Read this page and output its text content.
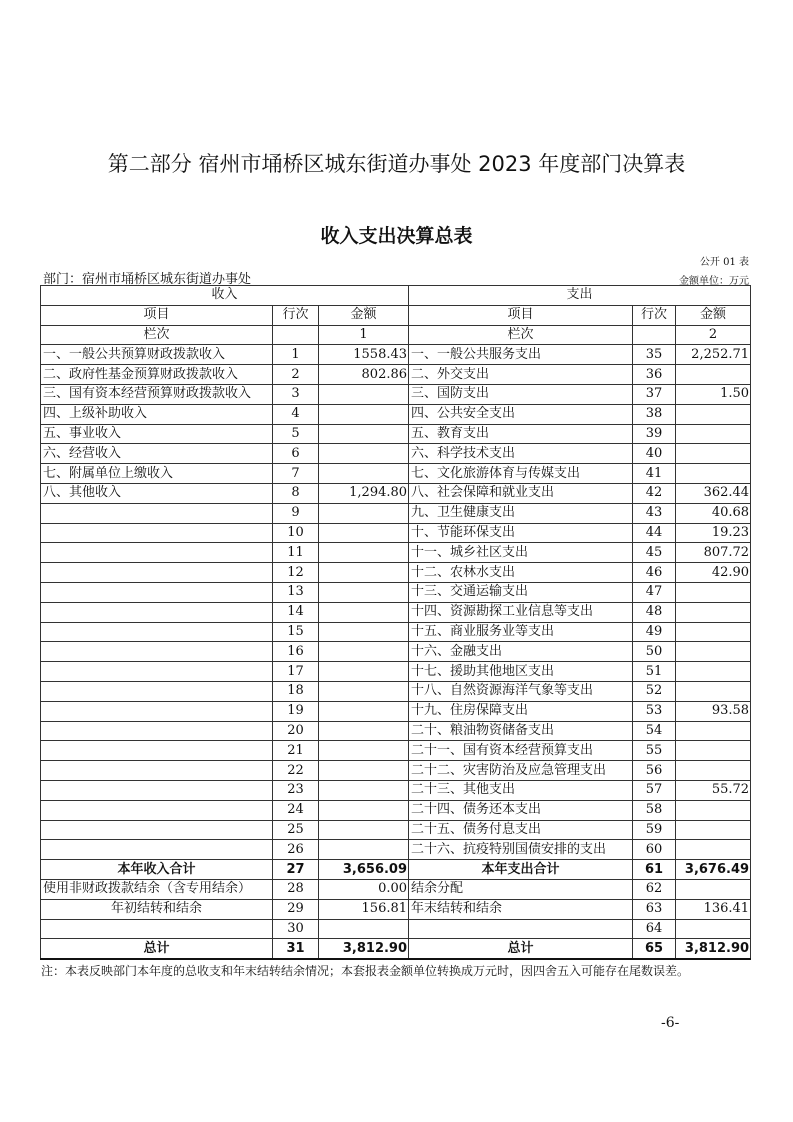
第二部分 宿州市埇桥区城东街道办事处 2023 年度部门决算表
收入支出决算总表
公开 01 表
部门：宿州市埇桥区城东街道办事处	金额单位：万元
收入			支出		
项目	行次	金额	项目	行次	金额
栏次		1	栏次		2
一、一般公共预算财政拨款收入	1	1558.43	一、一般公共服务支出	35	2,252.71
二、政府性基金预算财政拨款收入	2	802.86	二、外交支出	36	
三、国有资本经营预算财政拨款收入	3		三、国防支出	37	1.50
四、上级补助收入	4		四、公共安全支出	38	
五、事业收入	5		五、教育支出	39	
六、经营收入	6		六、科学技术支出	40	
七、附属单位上缴收入	7		七、文化旅游体育与传媒支出	41	
八、其他收入	8	1,294.80	八、社会保障和就业支出	42	362.44
	9		九、卫生健康支出	43	40.68
	10		十、节能环保支出	44	19.23
	11		十一、城乡社区支出	45	807.72
	12		十二、农林水支出	46	42.90
	13		十三、交通运输支出	47	
	14		十四、资源勘探工业信息等支出	48	
	15		十五、商业服务业等支出	49	
	16		十六、金融支出	50	
	17		十七、援助其他地区支出	51	
	18		十八、自然资源海洋气象等支出	52	
	19		十九、住房保障支出	53	93.58
	20		二十、粮油物资储备支出	54	
	21		二十一、国有资本经营预算支出	55	
	22		二十二、灾害防治及应急管理支出	56	
	23		二十三、其他支出	57	55.72
	24		二十四、债务还本支出	58	
	25		二十五、债务付息支出	59	
	26		二十六、抗疫特别国债安排的支出	60	
本年收入合计	27	3,656.09	本年支出合计	61	3,676.49
使用非财政拨款结余（含专用结余）	28	0.00	结余分配	62	
年初结转和结余	29	156.81	年末结转和结余	63	136.41
	30			64	
总计	31	3,812.90	总计	65	3,812.90
注：本表反映部门本年度的总收支和年末结转结余情况；本套报表金额单位转换成万元时，因四舍五入可能存在尾数误差。
-6-
